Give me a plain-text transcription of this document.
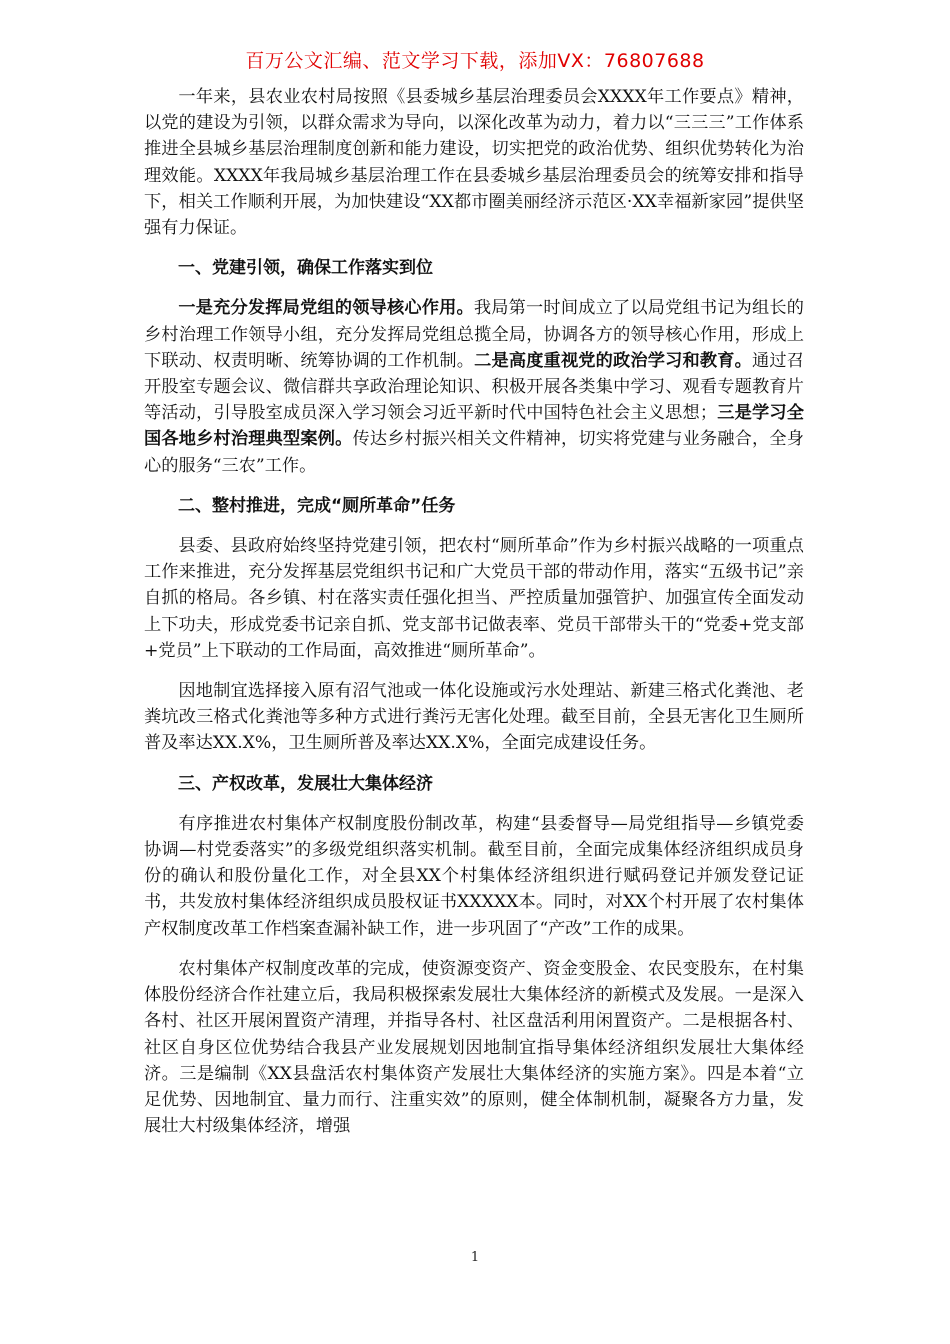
百万公文汇编、范文学习下载，添加VX：76807688

一年来，县农业农村局按照《县委城乡基层治理委员会XXXX年工作要点》精神，以党的建设为引领，以群众需求为导向，以深化改革为动力，着力以“三三三”工作体系推进全县城乡基层治理制度创新和能力建设，切实把党的政治优势、组织优势转化为治理效能。XXXX年我局城乡基层治理工作在县委城乡基层治理委员会的统筹安排和指导下，相关工作顺利开展，为加快建设“XX都市圈美丽经济示范区·XX幸福新家园”提供坚强有力保证。

一、党建引领，确保工作落实到位

一是充分发挥局党组的领导核心作用。我局第一时间成立了以局党组书记为组长的乡村治理工作领导小组，充分发挥局党组总揽全局，协调各方的领导核心作用，形成上下联动、权责明晰、统筹协调的工作机制。二是高度重视党的政治学习和教育。通过召开股室专题会议、微信群共享政治理论知识、积极开展各类集中学习、观看专题教育片等活动，引导股室成员深入学习领会习近平新时代中国特色社会主义思想；三是学习全国各地乡村治理典型案例。传达乡村振兴相关文件精神，切实将党建与业务融合，全身心的服务“三农”工作。

二、整村推进，完成“厕所革命”任务

县委、县政府始终坚持党建引领，把农村“厕所革命”作为乡村振兴战略的一项重点工作来推进，充分发挥基层党组织书记和广大党员干部的带动作用，落实“五级书记”亲自抓的格局。各乡镇、村在落实责任强化担当、严控质量加强管护、加强宣传全面发动上下功夫，形成党委书记亲自抓、党支部书记做表率、党员干部带头干的“党委+党支部+党员”上下联动的工作局面，高效推进“厕所革命”。

因地制宜选择接入原有沼气池或一体化设施或污水处理站、新建三格式化粪池、老粪坑改三格式化粪池等多种方式进行粪污无害化处理。截至目前，全县无害化卫生厕所普及率达XX.X%，卫生厕所普及率达XX.X%，全面完成建设任务。

三、产权改革，发展壮大集体经济

有序推进农村集体产权制度股份制改革，构建“县委督导—局党组指导—乡镇党委协调—村党委落实”的多级党组织落实机制。截至目前，全面完成集体经济组织成员身份的确认和股份量化工作，对全县XX个村集体经济组织进行赋码登记并颁发登记证书，共发放村集体经济组织成员股权证书XXXXX本。同时，对XX个村开展了农村集体产权制度改革工作档案查漏补缺工作，进一步巩固了“产改”工作的成果。

农村集体产权制度改革的完成，使资源变资产、资金变股金、农民变股东，在村集体股份经济合作社建立后，我局积极探索发展壮大集体经济的新模式及发展。一是深入各村、社区开展闲置资产清理，并指导各村、社区盘活利用闲置资产。二是根据各村、社区自身区位优势结合我县产业发展规划因地制宜指导集体经济组织发展壮大集体经济。三是编制《XX县盘活农村集体资产发展壮大集体经济的实施方案》。四是本着“立足优势、因地制宜、量力而行、注重实效”的原则，健全体制机制，凝聚各方力量，发展壮大村级集体经济，增强

1
